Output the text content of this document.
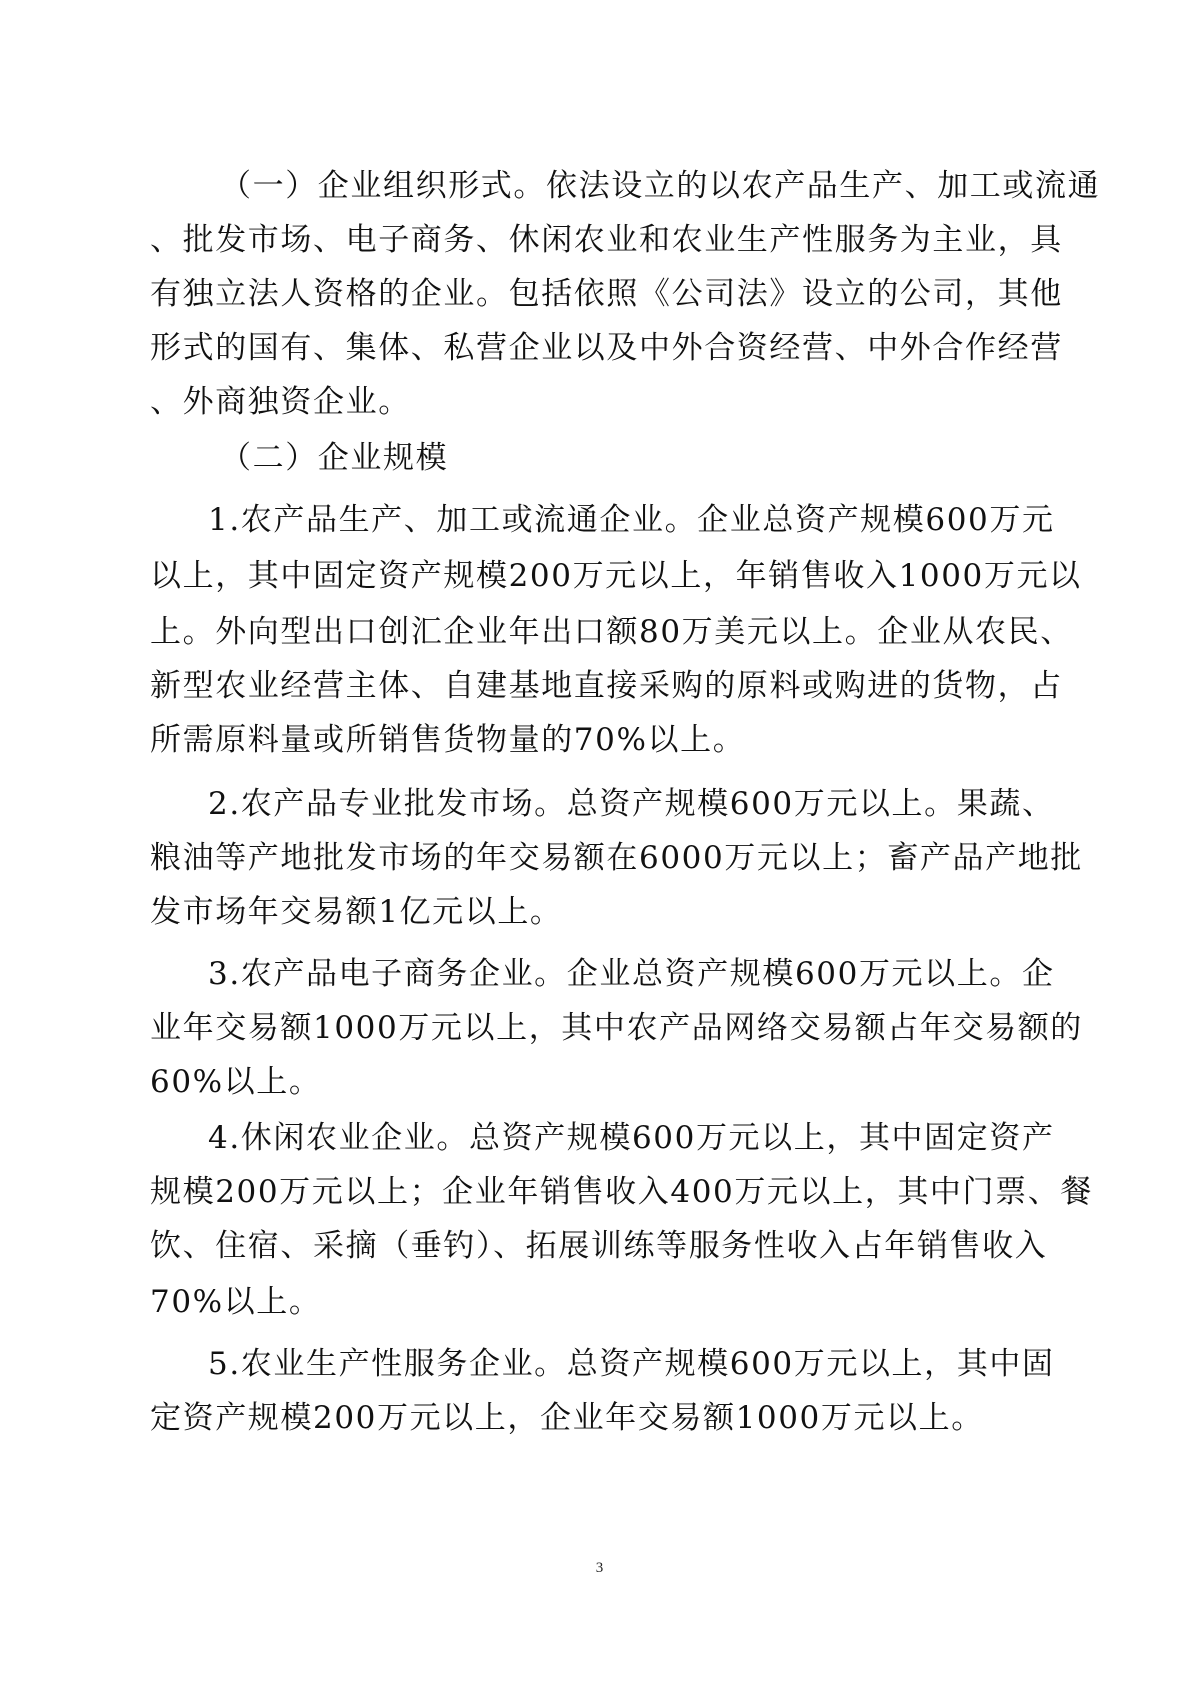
（一）企业组织形式。依法设立的以农产品生产、加工或流通
、批发市场、电子商务、休闲农业和农业生产性服务为主业，具
有独立法人资格的企业。包括依照《公司法》设立的公司，其他
形式的国有、集体、私营企业以及中外合资经营、中外合作经营
、外商独资企业。
（二）企业规模
1.农产品生产、加工或流通企业。企业总资产规模600万元
以上，其中固定资产规模200万元以上，年销售收入1000万元以
上。外向型出口创汇企业年出口额80万美元以上。企业从农民、
新型农业经营主体、自建基地直接采购的原料或购进的货物，占
所需原料量或所销售货物量的70%以上。
2.农产品专业批发市场。总资产规模600万元以上。果蔬、
粮油等产地批发市场的年交易额在6000万元以上；畜产品产地批
发市场年交易额1亿元以上。
3.农产品电子商务企业。企业总资产规模600万元以上。企
业年交易额1000万元以上，其中农产品网络交易额占年交易额的
60%以上。
4.休闲农业企业。总资产规模600万元以上，其中固定资产
规模200万元以上；企业年销售收入400万元以上，其中门票、餐
饮、住宿、采摘（垂钓）、拓展训练等服务性收入占年销售收入
70%以上。
5.农业生产性服务企业。总资产规模600万元以上，其中固
定资产规模200万元以上，企业年交易额1000万元以上。
3
